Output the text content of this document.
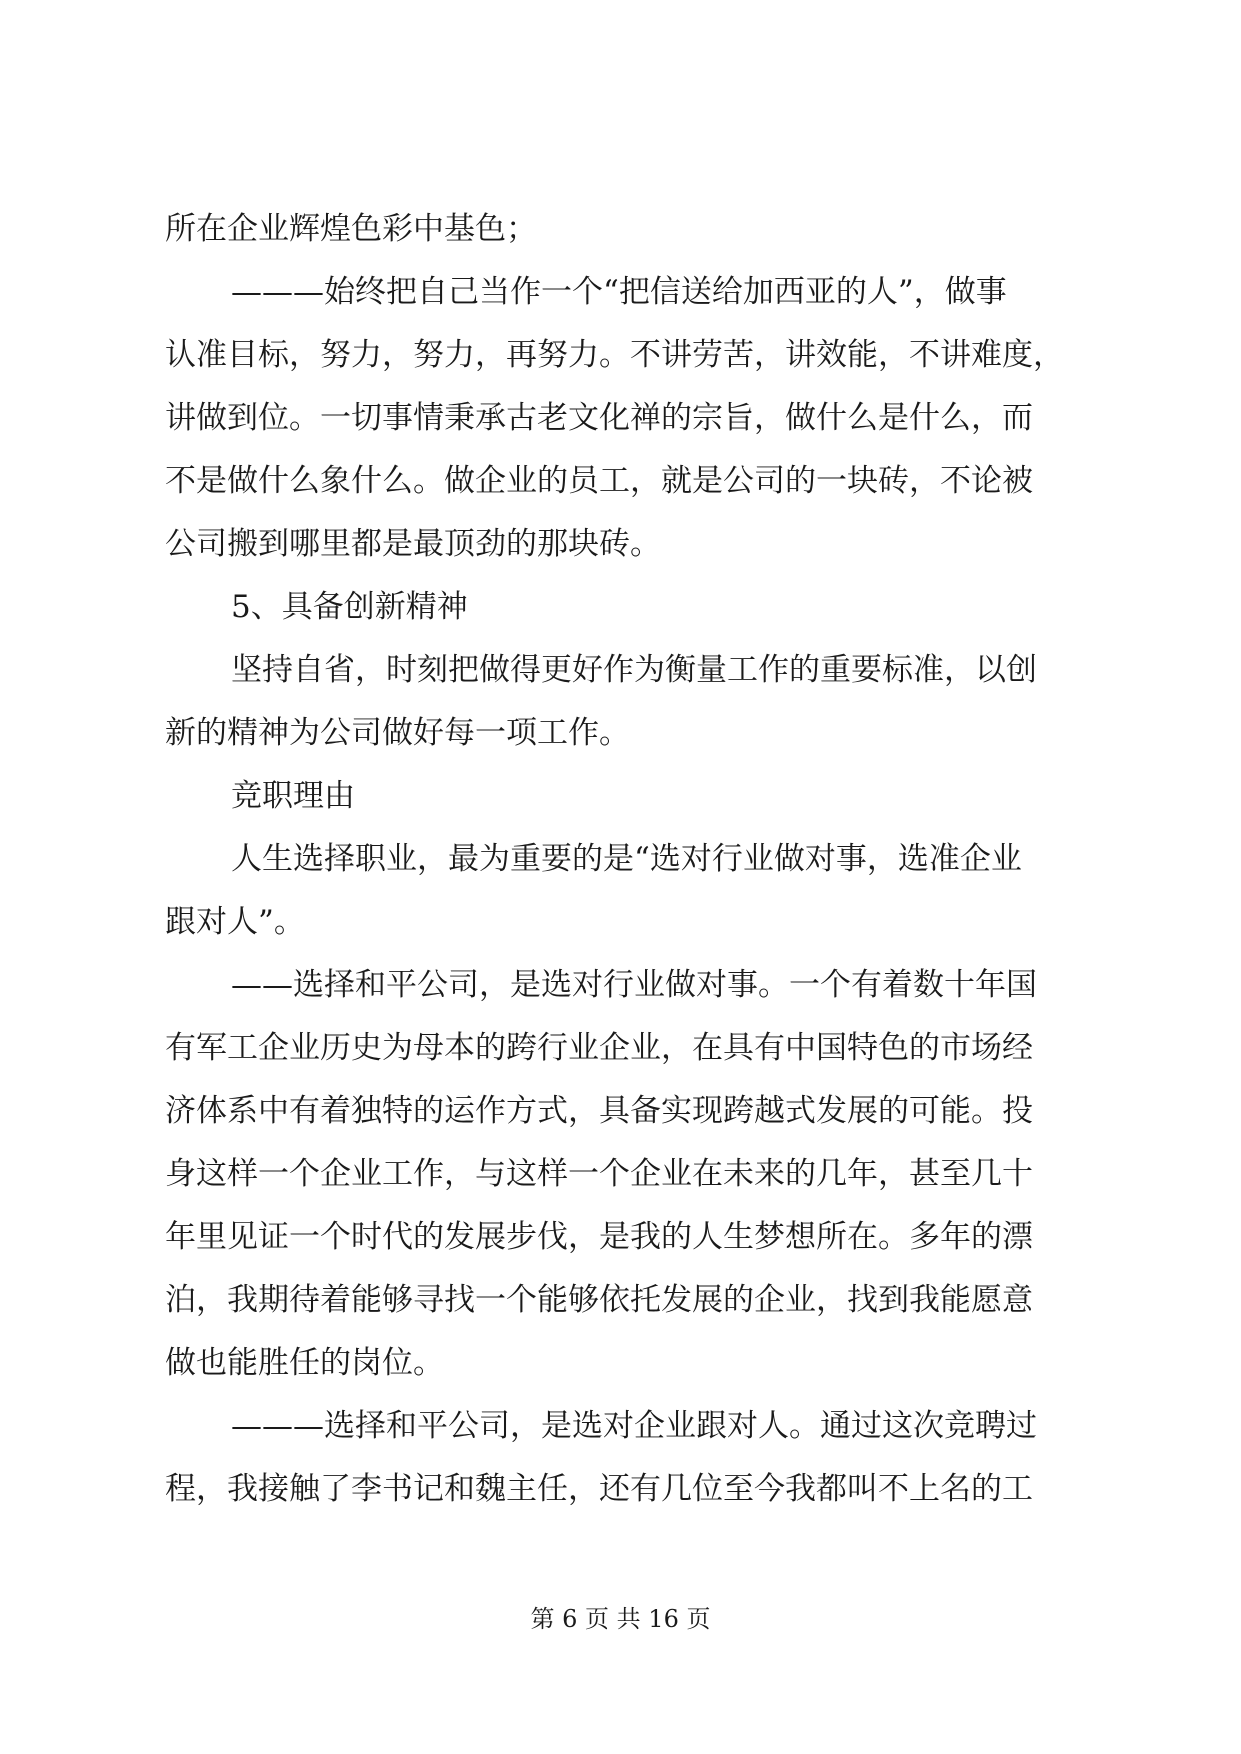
所在企业辉煌色彩中基色；
———始终把自己当作一个“把信送给加西亚的人”，做事
认准目标，努力，努力，再努力。不讲劳苦，讲效能，不讲难度，
讲做到位。一切事情秉承古老文化禅的宗旨，做什么是什么，而
不是做什么象什么。做企业的员工，就是公司的一块砖，不论被
公司搬到哪里都是最顶劲的那块砖。
5、具备创新精神
坚持自省，时刻把做得更好作为衡量工作的重要标准，以创
新的精神为公司做好每一项工作。
竞职理由
人生选择职业，最为重要的是“选对行业做对事，选准企业
跟对人”。
——选择和平公司，是选对行业做对事。一个有着数十年国
有军工企业历史为母本的跨行业企业，在具有中国特色的市场经
济体系中有着独特的运作方式，具备实现跨越式发展的可能。投
身这样一个企业工作，与这样一个企业在未来的几年，甚至几十
年里见证一个时代的发展步伐，是我的人生梦想所在。多年的漂
泊，我期待着能够寻找一个能够依托发展的企业，找到我能愿意
做也能胜任的岗位。
———选择和平公司，是选对企业跟对人。通过这次竞聘过
程，我接触了李书记和魏主任，还有几位至今我都叫不上名的工
第 6 页 共 16 页
